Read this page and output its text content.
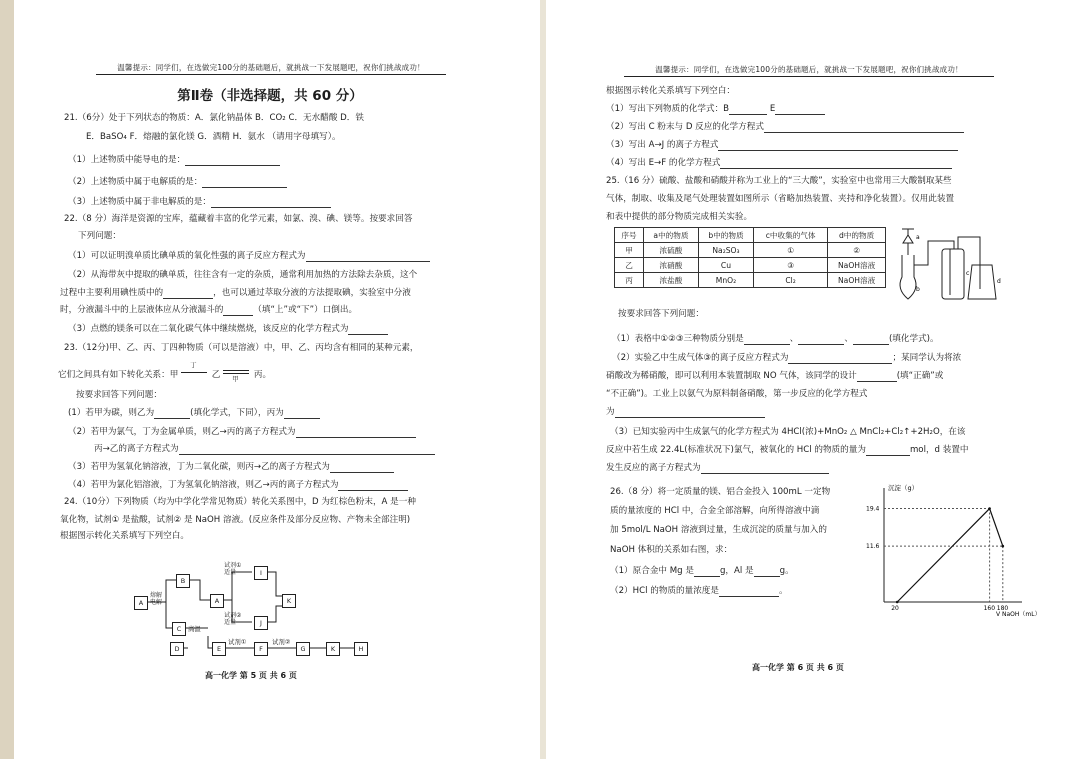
温馨提示：同学们，在选做完100分的基础题后，就挑战一下发展题吧，祝你们挑战成功！
第Ⅱ卷（非选择题，共 60 分）
21.（6分）处于下列状态的物质：A．氯化钠晶体 B．CO₂ C．无水醋酸 D．铁
E．BaSO₄ F．熔融的氯化镁 G．酒精 H．氨水 （请用字母填写）。
（1）上述物质中能导电的是：
（2）上述物质中属于电解质的是：
（3）上述物质中属于非电解质的是：
22.（8 分）海洋是资源的宝库，蕴藏着丰富的化学元素，如氯、溴、碘、镁等。按要求回答
下列问题：
（1）可以证明溴单质比碘单质的氧化性强的离子反应方程式为
（2）从海带灰中提取的碘单质，往往含有一定的杂质，通常利用加热的方法除去杂质，这个
过程中主要利用碘性质中的	，也可以通过萃取分液的方法提取碘，实验室中分液
时，分液漏斗中的上层液体应从分液漏斗的	（填“上”或“下”）口倒出。
（3）点燃的镁条可以在二氧化碳气体中继续燃烧，该反应的化学方程式为
23.（12分)甲、乙、丙、丁四种物质（可以是溶液）中，甲、乙、丙均含有相同的某种元素，
它们之间具有如下转化关系：甲
丁
乙 甲 丙。
按要求回答下列问题：
(1）若甲为碳，则乙为	(填化学式，下同），丙为
（2）若甲为氯气，丁为金属单质，则乙→丙的离子方程式为
丙→乙的离子方程式为
（3）若甲为氢氧化钠溶液，丁为二氧化碳，则丙→乙的离子方程式为
（4）若甲为氯化铝溶液，丁为氢氧化钠溶液，则乙→丙的离子方程式为
24.（10分）下列物质（均为中学化学常见物质）转化关系图中，D 为红棕色粉末，A 是一种
氧化物，试剂① 是盐酸，试剂② 是 NaOH 溶液。(反应条件及部分反应物、产物未全部注明)
根据图示转化关系填写下列空白。
A
熔解电解
B
C	高温
D
A
E
试剂①适量	I
试剂②适量	J
K
试剂①
F
试剂②
G	K	H
高一化学 第 5 页 共 6 页
温馨提示：同学们，在选做完100分的基础题后，就挑战一下发展题吧，祝你们挑战成功！
根据图示转化关系填写下列空白：
（1）写出下列物质的化学式：B	E
（2）写出 C 粉末与 D 反应的化学方程式
（3）写出 A→J 的离子方程式
（4）写出 E→F 的化学方程式
25.（16 分）硫酸、盐酸和硝酸并称为工业上的“三大酸”，实验室中也常用三大酸制取某些
气体，制取、收集及尾气处理装置如图所示（省略加热装置、夹持和净化装置）。仅用此装置
和表中提供的部分物质完成相关实验。
序号	a中的物质	b中的物质	c中收集的气体	d中的物质
甲	浓硫酸	Na₂SO₃	①	②
乙	浓硝酸	Cu	③	NaOH溶液
丙	浓盐酸	MnO₂	Cl₂	NaOH溶液
a
b
c
d
按要求回答下列问题：
（1）表格中①②③三种物质分别是	、	、	(填化学式)。
（2）实验乙中生成气体③的离子反应方程式为	；某同学认为将浓
硝酸改为稀硝酸，即可以利用本装置制取 NO 气体，该同学的设计	(填“正确”或
“不正确”)。工业上以氨气为原料制备硝酸，第一步反应的化学方程式
为
（3）已知实验丙中生成氯气的化学方程式为 4HCl(浓)+MnO₂ △ MnCl₂+Cl₂↑+2H₂O，在该
反应中若生成 22.4L(标准状况下)氯气，被氧化的 HCl 的物质的量为	mol，d 装置中
发生反应的离子方程式为
26.（8 分）将一定质量的镁、铝合金投入 100mL 一定物
质的量浓度的 HCl 中，合金全部溶解，向所得溶液中滴
加 5mol/L NaOH 溶液到过量，生成沉淀的质量与加入的
NaOH 体积的关系如右图，求：
（1）原合金中 Mg 是	g，Al 是	g。
（2）HCl 的物质的量浓度是	。
沉淀（g）
V NaOH（mL）
20	160 180
19.4
11.6
高一化学 第 6 页 共 6 页
